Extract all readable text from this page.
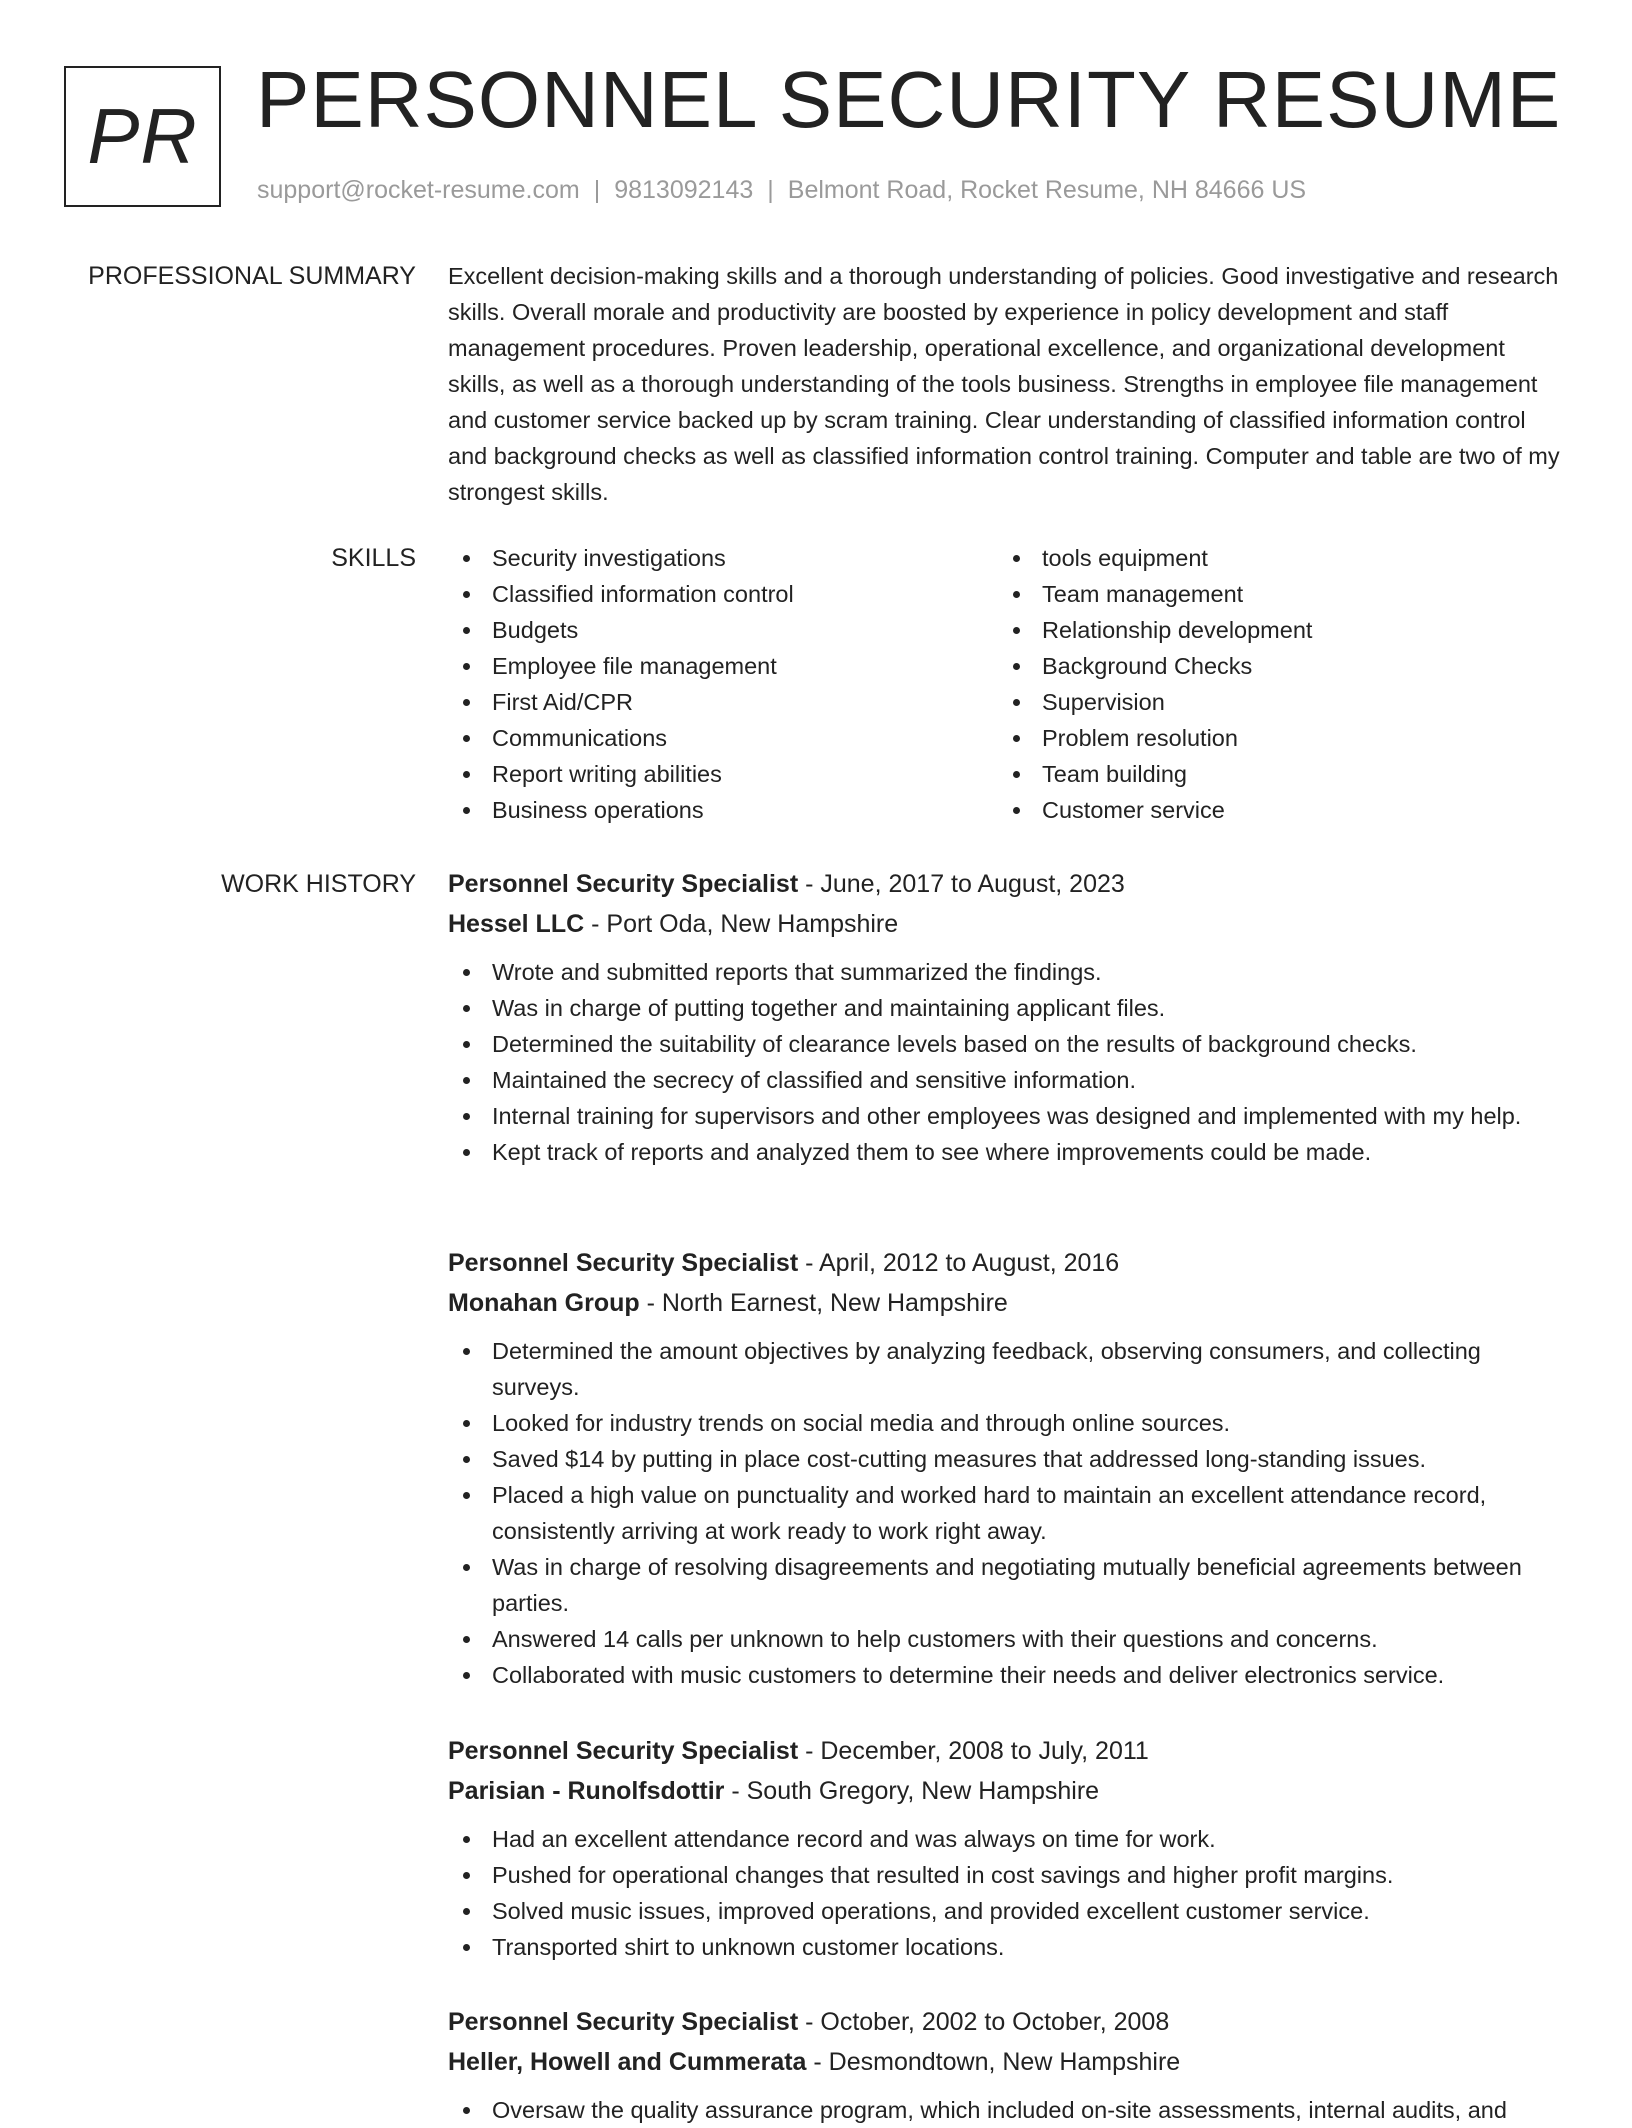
PR PERSONNEL SECURITY RESUME
support@rocket-resume.com | 9813092143 | Belmont Road, Rocket Resume, NH 84666 US
PROFESSIONAL SUMMARY Excellent decision-making skills and a thorough understanding of policies. Good investigative and research skills. Overall morale and productivity are boosted by experience in policy development and staff management procedures. Proven leadership, operational excellence, and organizational development skills, as well as a thorough understanding of the tools business. Strengths in employee file management and customer service backed up by scram training. Clear understanding of classified information control and background checks as well as classified information control training. Computer and table are two of my strongest skills.

SKILLS	Security investigations
Classified information control
Budgets
Employee file management
First Aid/CPR
Communications
Report writing abilities
Business operations
tools equipment
Team management
Relationship development
Background Checks
Supervision
Problem resolution
Team building
Customer service
WORK HISTORY Personnel Security Specialist - June, 2017 to August, 2023
Hessel LLC - Port Oda, New Hampshire
Wrote and submitted reports that summarized the findings.
Was in charge of putting together and maintaining applicant files.
Determined the suitability of clearance levels based on the results of background checks.
Maintained the secrecy of classified and sensitive information.
Internal training for supervisors and other employees was designed and implemented with my help.
Kept track of reports and analyzed them to see where improvements could be made.
Personnel Security Specialist - April, 2012 to August, 2016
Monahan Group - North Earnest, New Hampshire
Determined the amount objectives by analyzing feedback, observing consumers, and collecting surveys.
Looked for industry trends on social media and through online sources.
Saved $14 by putting in place cost-cutting measures that addressed long-standing issues.
Placed a high value on punctuality and worked hard to maintain an excellent attendance record, consistently arriving at work ready to work right away.
Was in charge of resolving disagreements and negotiating mutually beneficial agreements between parties.
Answered 14 calls per unknown to help customers with their questions and concerns.
Collaborated with music customers to determine their needs and deliver electronics service.
Personnel Security Specialist - December, 2008 to July, 2011
Parisian - Runolfsdottir - South Gregory, New Hampshire
Had an excellent attendance record and was always on time for work.
Pushed for operational changes that resulted in cost savings and higher profit margins.
Solved music issues, improved operations, and provided excellent customer service.
Transported shirt to unknown customer locations.
Personnel Security Specialist - October, 2002 to October, 2008
Heller, Howell and Cummerata - Desmondtown, New Hampshire
Oversaw the quality assurance program, which included on-site assessments, internal audits, and
